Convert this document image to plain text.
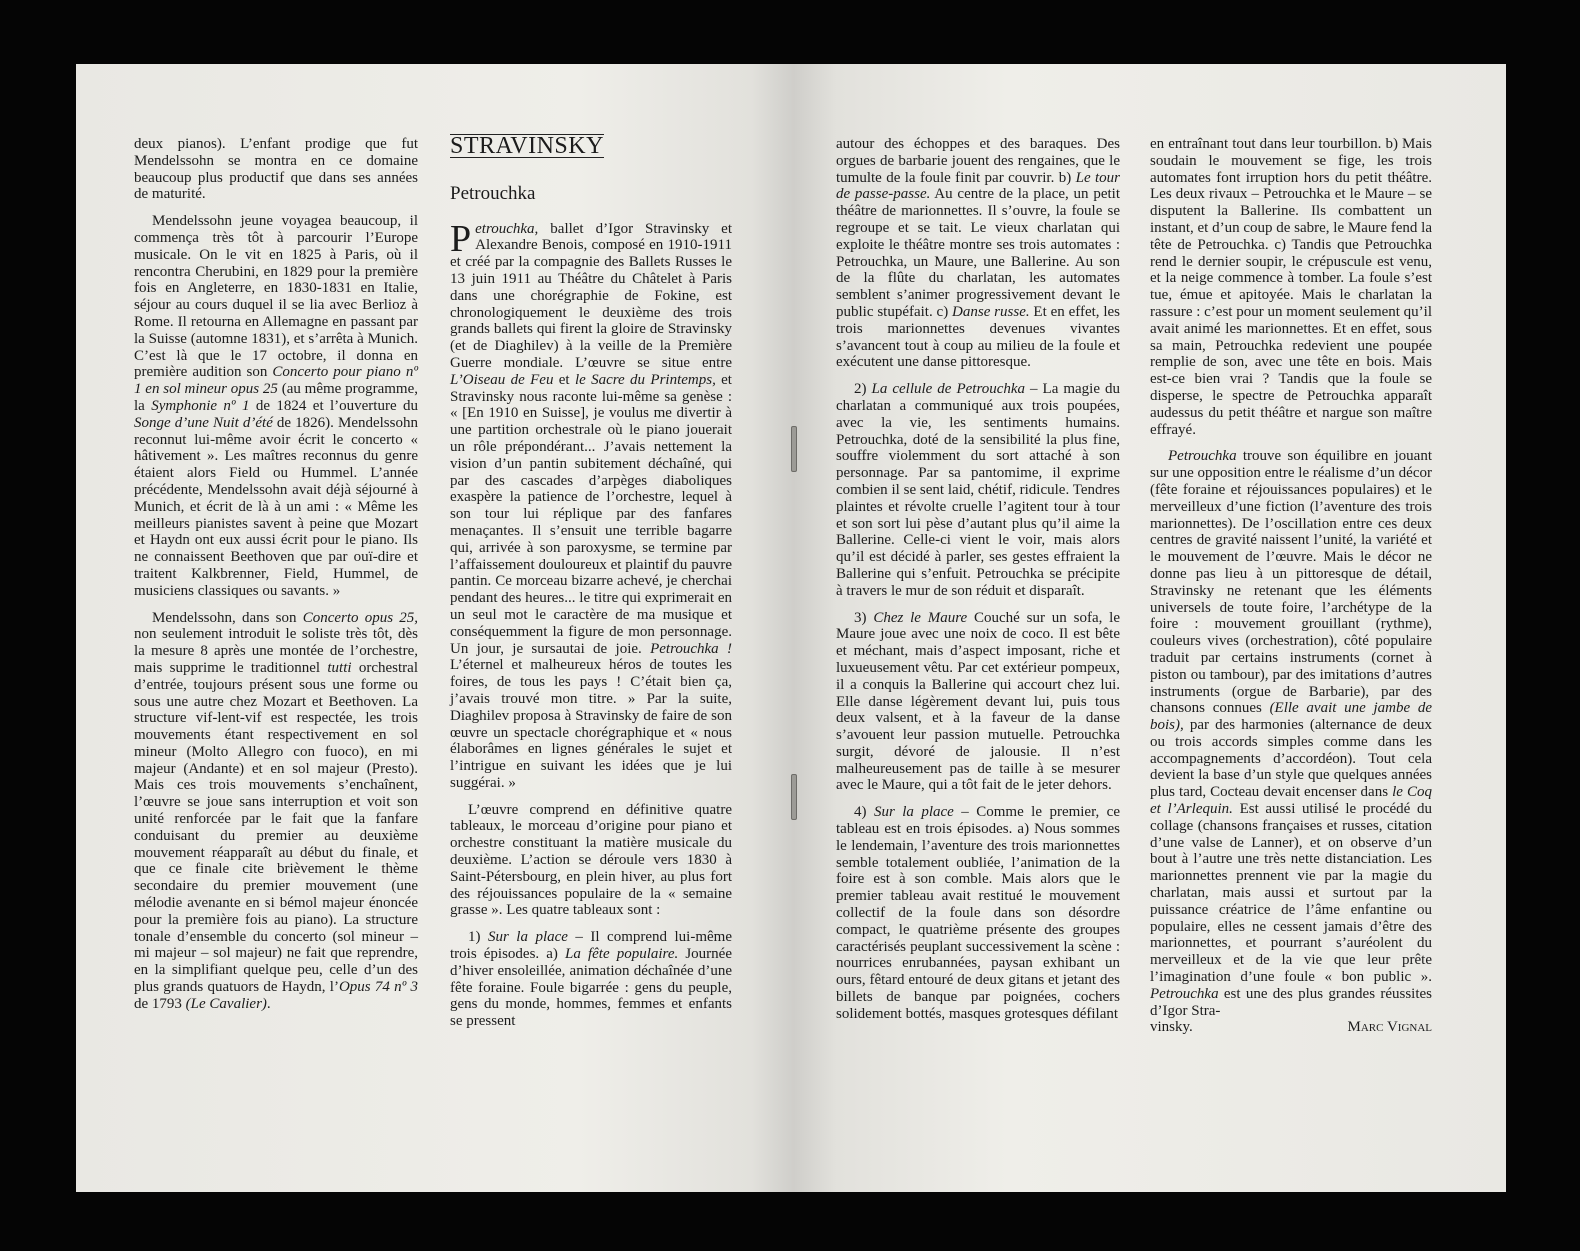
deux pianos). L’enfant prodige que fut Mendelssohn se montra en ce domaine beaucoup plus productif que dans ses années de maturité.

Mendelssohn jeune voyagea beaucoup, il commença très tôt à parcourir l’Europe musicale. On le vit en 1825 à Paris, où il rencontra Cherubini, en 1829 pour la première fois en Angleterre, en 1830-1831 en Italie, séjour au cours duquel il se lia avec Berlioz à Rome. Il retourna en Allemagne en passant par la Suisse (automne 1831), et s’arrêta à Munich. C’est là que le 17 octobre, il donna en première audition son Concerto pour piano nº 1 en sol mineur opus 25 (au même programme, la Symphonie nº 1 de 1824 et l’ouverture du Songe d’une Nuit d’été de 1826). Mendelssohn reconnut lui-même avoir écrit le concerto « hâtivement ». Les maîtres reconnus du genre étaient alors Field ou Hummel. L’année précédente, Mendelssohn avait déjà séjourné à Munich, et écrit de là à un ami : « Même les meilleurs pianistes savent à peine que Mozart et Haydn ont eux aussi écrit pour le piano. Ils ne connaissent Beethoven que par ouï-dire et traitent Kalkbrenner, Field, Hummel, de musiciens classiques ou savants. »

Mendelssohn, dans son Concerto opus 25, non seulement introduit le soliste très tôt, dès la mesure 8 après une montée de l’orchestre, mais supprime le traditionnel tutti orchestral d’entrée, toujours présent sous une forme ou sous une autre chez Mozart et Beethoven. La structure vif-lent-vif est respectée, les trois mouvements étant respectivement en sol mineur (Molto Allegro con fuoco), en mi majeur (Andante) et en sol majeur (Presto). Mais ces trois mouvements s’enchaînent, l’œuvre se joue sans interruption et voit son unité renforcée par le fait que la fanfare conduisant du premier au deuxième mouvement réapparaît au début du finale, et que ce finale cite brièvement le thème secondaire du premier mouvement (une mélodie avenante en si bémol majeur énoncée pour la première fois au piano). La structure tonale d’ensemble du concerto (sol mineur – mi majeur – sol majeur) ne fait que reprendre, en la simplifiant quelque peu, celle d’un des plus grands quatuors de Haydn, l’Opus 74 nº 3 de 1793 (Le Cavalier).

STRAVINSKY
Petrouchka

Petrouchka, ballet d’Igor Stravinsky et Alexandre Benois, composé en 1910-1911 et créé par la compagnie des Ballets Russes le 13 juin 1911 au Théâtre du Châtelet à Paris dans une chorégraphie de Fokine, est chronologiquement le deuxième des trois grands ballets qui firent la gloire de Stravinsky (et de Diaghilev) à la veille de la Première Guerre mondiale. L’œuvre se situe entre L’Oiseau de Feu et le Sacre du Printemps, et Stravinsky nous raconte lui-même sa genèse : « [En 1910 en Suisse], je voulus me divertir à une partition orchestrale où le piano jouerait un rôle prépondérant... J’avais nettement la vision d’un pantin subitement déchaîné, qui par des cascades d’arpèges diaboliques exaspère la patience de l’orchestre, lequel à son tour lui réplique par des fanfares menaçantes. Il s’ensuit une terrible bagarre qui, arrivée à son paroxysme, se termine par l’affaissement douloureux et plaintif du pauvre pantin. Ce morceau bizarre achevé, je cherchai pendant des heures... le titre qui exprimerait en un seul mot le caractère de ma musique et conséquemment la figure de mon personnage. Un jour, je sursautai de joie. Petrouchka ! L’éternel et malheureux héros de toutes les foires, de tous les pays ! C’était bien ça, j’avais trouvé mon titre. » Par la suite, Diaghilev proposa à Stravinsky de faire de son œuvre un spectacle chorégraphique et « nous élaborâmes en lignes générales le sujet et l’intrigue en suivant les idées que je lui suggérai. »

L’œuvre comprend en définitive quatre tableaux, le morceau d’origine pour piano et orchestre constituant la matière musicale du deuxième. L’action se déroule vers 1830 à Saint-Pétersbourg, en plein hiver, au plus fort des réjouissances populaire de la « semaine grasse ». Les quatre tableaux sont :

1) Sur la place – Il comprend lui-même trois épisodes. a) La fête populaire. Journée d’hiver ensoleillée, animation déchaînée d’une fête foraine. Foule bigarrée : gens du peuple, gens du monde, hommes, femmes et enfants se pressent

autour des échoppes et des baraques. Des orgues de barbarie jouent des rengaines, que le tumulte de la foule finit par couvrir. b) Le tour de passe-passe. Au centre de la place, un petit théâtre de marionnettes. Il s’ouvre, la foule se regroupe et se tait. Le vieux charlatan qui exploite le théâtre montre ses trois automates : Petrouchka, un Maure, une Ballerine. Au son de la flûte du charlatan, les automates semblent s’animer progressivement devant le public stupéfait. c) Danse russe. Et en effet, les trois marionnettes devenues vivantes s’avancent tout à coup au milieu de la foule et exécutent une danse pittoresque.

2) La cellule de Petrouchka – La magie du charlatan a communiqué aux trois poupées, avec la vie, les sentiments humains. Petrouchka, doté de la sensibilité la plus fine, souffre violemment du sort attaché à son personnage. Par sa pantomime, il exprime combien il se sent laid, chétif, ridicule. Tendres plaintes et révolte cruelle l’agitent tour à tour et son sort lui pèse d’autant plus qu’il aime la Ballerine. Celle-ci vient le voir, mais alors qu’il est décidé à parler, ses gestes effraient la Ballerine qui s’enfuit. Petrouchka se précipite à travers le mur de son réduit et disparaît.

3) Chez le Maure Couché sur un sofa, le Maure joue avec une noix de coco. Il est bête et méchant, mais d’aspect imposant, riche et luxueusement vêtu. Par cet extérieur pompeux, il a conquis la Ballerine qui accourt chez lui. Elle danse légèrement devant lui, puis tous deux valsent, et à la faveur de la danse s’avouent leur passion mutuelle. Petrouchka surgit, dévoré de jalousie. Il n’est malheureusement pas de taille à se mesurer avec le Maure, qui a tôt fait de le jeter dehors.

4) Sur la place – Comme le premier, ce tableau est en trois épisodes. a) Nous sommes le lendemain, l’aventure des trois marionnettes semble totalement oubliée, l’animation de la foire est à son comble. Mais alors que le premier tableau avait restitué le mouvement collectif de la foule dans son désordre compact, le quatrième présente des groupes caractérisés peuplant successivement la scène : nourrices enrubannées, paysan exhibant un ours, fêtard entouré de deux gitans et jetant des billets de banque par poignées, cochers solidement bottés, masques grotesques défilant

en entraînant tout dans leur tourbillon. b) Mais soudain le mouvement se fige, les trois automates font irruption hors du petit théâtre. Les deux rivaux – Petrouchka et le Maure – se disputent la Ballerine. Ils combattent un instant, et d’un coup de sabre, le Maure fend la tête de Petrouchka. c) Tandis que Petrouchka rend le dernier soupir, le crépuscule est venu, et la neige commence à tomber. La foule s’est tue, émue et apitoyée. Mais le charlatan la rassure : c’est pour un moment seulement qu’il avait animé les marionnettes. Et en effet, sous sa main, Petrouchka redevient une poupée remplie de son, avec une tête en bois. Mais est-ce bien vrai ? Tandis que la foule se disperse, le spectre de Petrouchka apparaît audessus du petit théâtre et nargue son maître effrayé.

Petrouchka trouve son équilibre en jouant sur une opposition entre le réalisme d’un décor (fête foraine et réjouissances populaires) et le merveilleux d’une fiction (l’aventure des trois marionnettes). De l’oscillation entre ces deux centres de gravité naissent l’unité, la variété et le mouvement de l’œuvre. Mais le décor ne donne pas lieu à un pittoresque de détail, Stravinsky ne retenant que les éléments universels de toute foire, l’archétype de la foire : mouvement grouillant (rythme), couleurs vives (orchestration), côté populaire traduit par certains instruments (cornet à piston ou tambour), par des imitations d’autres instruments (orgue de Barbarie), par des chansons connues (Elle avait une jambe de bois), par des harmonies (alternance de deux ou trois accords simples comme dans les accompagnements d’accordéon). Tout cela devient la base d’un style que quelques années plus tard, Cocteau devait encenser dans le Coq et l’Arlequin. Est aussi utilisé le procédé du collage (chansons françaises et russes, citation d’une valse de Lanner), et on observe d’un bout à l’autre une très nette distanciation. Les marionnettes prennent vie par la magie du charlatan, mais aussi et surtout par la puissance créatrice de l’âme enfantine ou populaire, elles ne cessent jamais d’être des marionnettes, et pourrant s’auréolent du merveilleux et de la vie que leur prête l’imagination d’une foule « bon public ». Petrouchka est une des plus grandes réussites d’Igor Stra-

vinsky.	Marc Vignal
